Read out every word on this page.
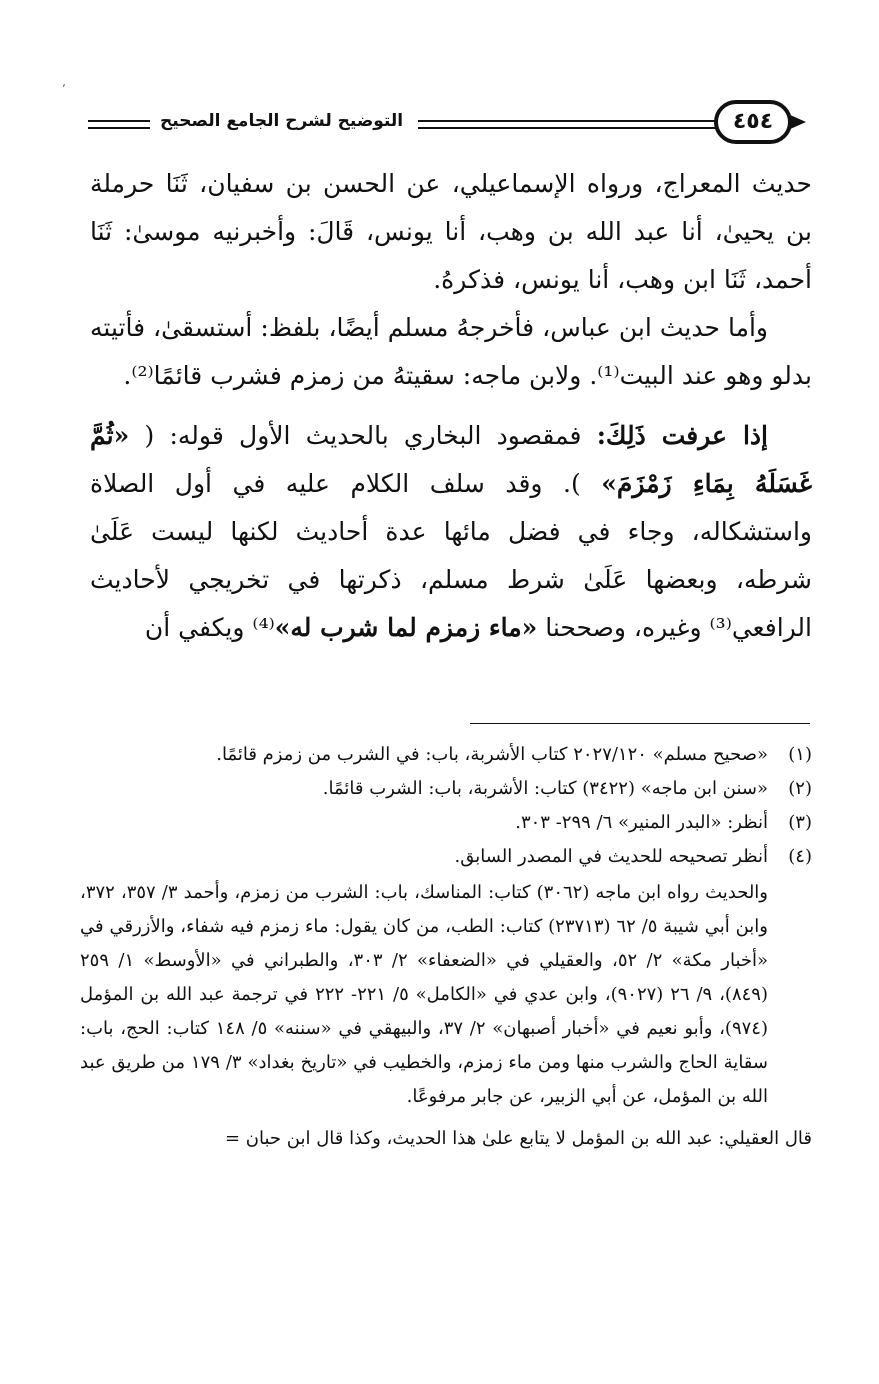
٬
التوضيح لشرح الجامع الصحيح	٤٥٤

حديث المعراج، ورواه الإسماعيلي، عن الحسن بن سفيان، ثَنَا حرملة بن يحيىٰ، أنا عبد الله بن وهب، أنا يونس، قَالَ: وأخبرنيه موسىٰ: ثَنَا أحمد، ثَنَا ابن وهب، أنا يونس، فذكرهُ.

وأما حديث ابن عباس، فأخرجهُ مسلم أيضًا، بلفظ: أستسقىٰ، فأتيته بدلو وهو عند البيت⁽¹⁾. ولابن ماجه: سقيتهُ من زمزم فشرب قائمًا⁽²⁾.

إذا عرفت ذَلِكَ: فمقصود البخاري بالحديث الأول قوله: ( «ثُمَّ غَسَلَهُ بِمَاءِ زَمْزَمَ» ). وقد سلف الكلام عليه في أول الصلاة واستشكاله، وجاء في فضل مائها عدة أحاديث لكنها ليست عَلَىٰ شرطه، وبعضها عَلَىٰ شرط مسلم، ذكرتها في تخريجي لأحاديث الرافعي⁽³⁾ وغيره، وصححنا «ماء زمزم لما شرب له»⁽⁴⁾ ويكفي أن

(١)
«صحيح مسلم» ٢٠٢٧/١٢٠ كتاب الأشربة، باب: في الشرب من زمزم قائمًا.
(٢)
«سنن ابن ماجه» (٣٤٢٢) كتاب: الأشربة، باب: الشرب قائمًا.
(٣)
أنظر: «البدر المنير» ٦/ ٢٩٩- ٣٠٣.
(٤)
أنظر تصحيحه للحديث في المصدر السابق.
والحديث رواه ابن ماجه (٣٠٦٢) كتاب: المناسك، باب: الشرب من زمزم، وأحمد ٣/ ٣٥٧، ٣٧٢، وابن أبي شيبة ٥/ ٦٢ (٢٣٧١٣) كتاب: الطب، من كان يقول: ماء زمزم فيه شفاء، والأزرقي في «أخبار مكة» ٢/ ٥٢، والعقيلي في «الضعفاء» ٢/ ٣٠٣، والطبراني في «الأوسط» ١/ ٢٥٩ (٨٤٩)، ٩/ ٢٦ (٩٠٢٧)، وابن عدي في «الكامل» ٥/ ٢٢١- ٢٢٢ في ترجمة عبد الله بن المؤمل (٩٧٤)، وأبو نعيم في «أخبار أصبهان» ٢/ ٣٧، والبيهقي في «سننه» ٥/ ١٤٨ كتاب: الحج، باب: سقاية الحاج والشرب منها ومن ماء زمزم، والخطيب في «تاريخ بغداد» ٣/ ١٧٩ من طريق عبد الله بن المؤمل، عن أبي الزبير، عن جابر مرفوعًا.
قال العقيلي: عبد الله بن المؤمل لا يتابع علىٰ هذا الحديث، وكذا قال ابن حبان =
